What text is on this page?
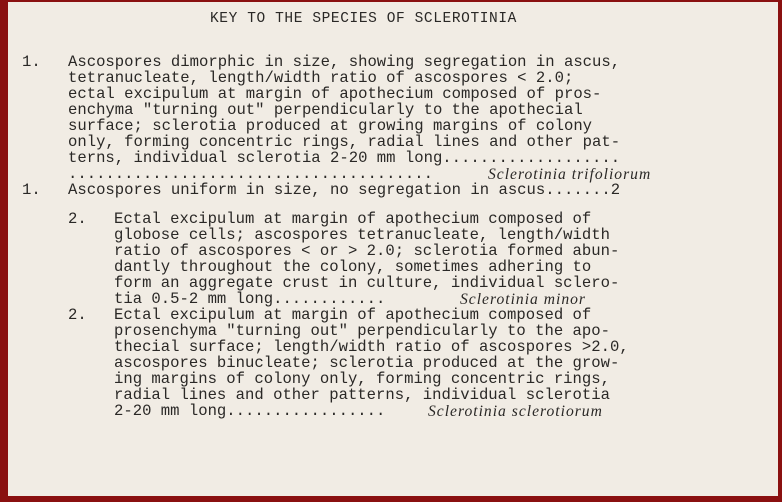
KEY TO THE SPECIES OF SCLEROTINIA
1. Ascospores dimorphic in size, showing segregation in ascus,
tetranucleate, length/width ratio of ascospores < 2.0;
ectal excipulum at margin of apothecium composed of pros-
enchyma "turning out" perpendicularly to the apothecial
surface; sclerotia produced at growing margins of colony
only, forming concentric rings, radial lines and other pat-
terns, individual sclerotia 2-20 mm long...................
.......................................	Sclerotinia trifoliorum
1. Ascospores uniform in size, no segregation in ascus.......2
2. Ectal excipulum at margin of apothecium composed of
globose cells; ascospores tetranucleate, length/width
ratio of ascospores < or > 2.0; sclerotia formed abun-
dantly throughout the colony, sometimes adhering to
form an aggregate crust in culture, individual sclero-
tia 0.5-2 mm long............	Sclerotinia minor
2. Ectal excipulum at margin of apothecium composed of
prosenchyma "turning out" perpendicularly to the apo-
thecial surface; length/width ratio of ascospores >2.0,
ascospores binucleate; sclerotia produced at the grow-
ing margins of colony only, forming concentric rings,
radial lines and other patterns, individual sclerotia
2-20 mm long.................	Sclerotinia sclerotiorum
